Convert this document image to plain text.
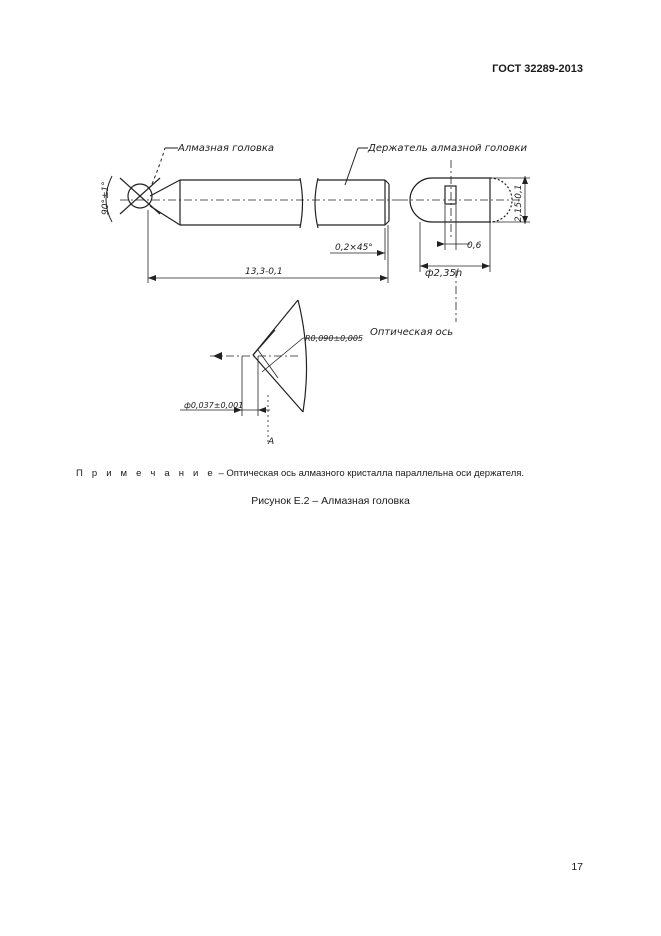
ГОСТ 32289-2013
Алмазная головка	Держатель алмазной головки
Оптическая ось
90°±1°
0,2×45°
13,3-0,1
0,6
ф2,35h
2,15-0,1
R0,090±0,005
ф0,037±0,001
A
П р и м е ч а н и е – Оптическая ось алмазного кристалла параллельна оси держателя.
Рисунок Е.2 – Алмазная головка
17
